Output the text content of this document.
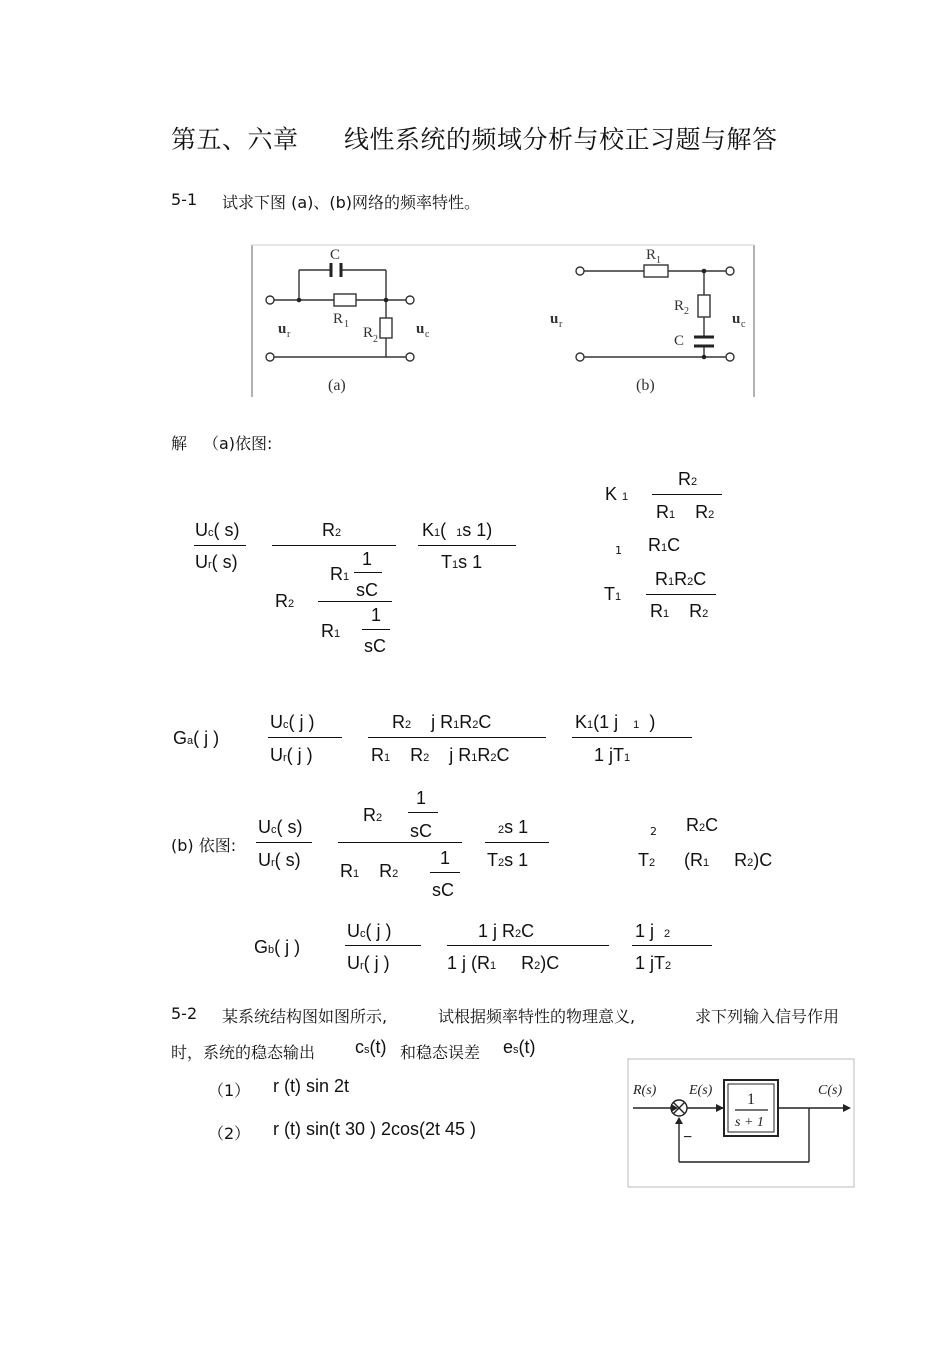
第五、六章 线性系统的频域分析与校正习题与解答
5-1 试求下图 (a)、(b)网络的频率特性。
C
R 1
R 2
u r	u c
(a)
R 1
R 2
C
u r	u c
(b)
解 （a)依图:
Uc( s)
Ur( s)
R2
R1
1
sC
R2
R1
1
sC
K1( 1s 1)
T1s 1
K 1
R2
R1 R2
1 R1C
T1
R1R2C
R1 R2
Ga( j )
Uc( j )
Ur( j )
R2 j R1R2C
R1 R2 j R1R2C
K1(1 j 1 )
1 jT1
(b) 依图:
Uc( s)
Ur( s)
R2
1
sC
R1 R2
1
sC
2s 1
T2s 1
2 R2C
T2 (R1 R2)C
Gb( j )
Uc( j )
Ur( j )
1 j R2C
1 j (R1 R2)C
1 j 2
1 jT2
5-2 某系统结构图如图所示,	试根据频率特性的物理意义,	求下列输入信号作用
时，系统的稳态输出 cs(t) 和稳态误差 es(t)
（1） r (t) sin 2t
（2） r (t) sin(t 30 ) 2cos(2t 45 )
R(s) E(s)	C(s)
1
s + 1
−
